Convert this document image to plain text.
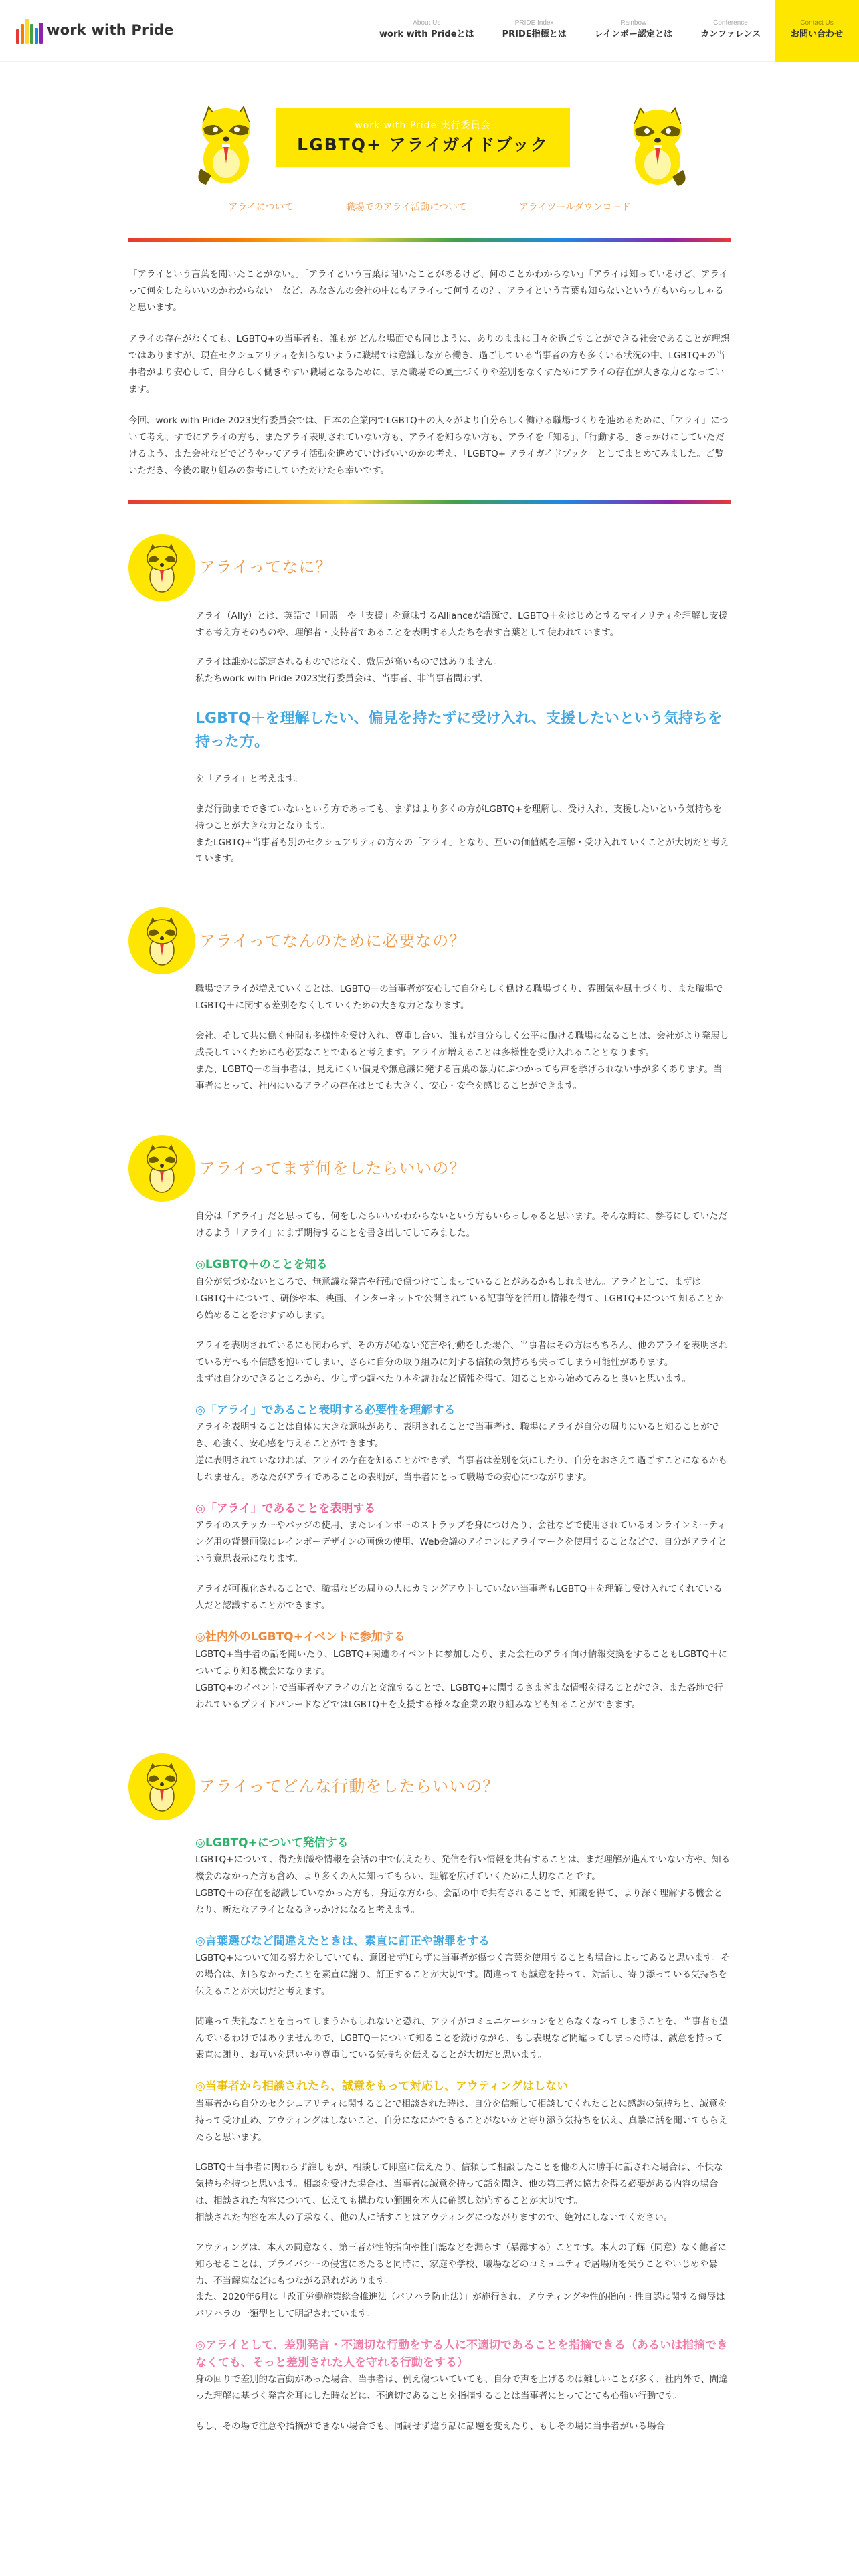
work with Pride	About Us
work with Prideとは
PRIDE Index
PRIDE指標とは
Rainbow
レインボー認定とは
Conference
カンファレンス
Contact Us
お問い合わせ
work with Pride 実行委員会
LGBTQ+ アライガイドブック
アライについて	職場でのアライ活動について	アライツールダウンロード

「アライという言葉を聞いたことがない。」「アライという言葉は聞いたことがあるけど、何のことかわからない」「アライは知っているけど、アライって何をしたらいいのかわからない」など、みなさんの会社の中にもアライって何するの？、アライという言葉も知らないという方もいらっしゃると思います。

アライの存在がなくても、LGBTQ+の当事者も、誰もが どんな場面でも同じように、ありのままに日々を過ごすことができる社会であることが理想ではありますが、現在セクシュアリティを知らないように職場では意識しながら働き、過ごしている当事者の方も多くいる状況の中、LGBTQ+の当事者がより安心して、自分らしく働きやすい職場となるために、また職場での風土づくりや差別をなくすためにアライの存在が大きな力となっています。

今回、work with Pride 2023実行委員会では、日本の企業内でLGBTQ＋の人々がより自分らしく働ける職場づくりを進めるために、「アライ」について考え、すでにアライの方も、またアライ表明されていない方も、アライを知らない方も、アライを「知る」、「行動する」きっかけにしていただけるよう、また会社などでどうやってアライ活動を進めていけばいいのかの考え、「LGBTQ+ アライガイドブック」としてまとめてみました。ご覧いただき、今後の取り組みの参考にしていただけたら幸いです。

アライってなに？

アライ（Ally）とは、英語で「同盟」や「支援」を意味するAllianceが語源で、LGBTQ＋をはじめとするマイノリティを理解し支援する考え方そのものや、理解者・支持者であることを表明する人たちを表す言葉として使われています。

アライは誰かに認定されるものではなく、敷居が高いものではありません。

私たちwork with Pride 2023実行委員会は、当事者、非当事者問わず、

LGBTQ＋を理解したい、偏見を持たずに受け入れ、支援したいという気持ちを持った方。

を「アライ」と考えます。

まだ行動までできていないという方であっても、まずはより多くの方がLGBTQ+を理解し、受け入れ、支援したいという気持ちを持つことが大きな力となります。

またLGBTQ+当事者も別のセクシュアリティの方々の「アライ」となり、互いの価値観を理解・受け入れていくことが大切だと考えています。

アライってなんのために必要なの？

職場でアライが増えていくことは、LGBTQ＋の当事者が安心して自分らしく働ける職場づくり、雰囲気や風土づくり、また職場でLGBTQ＋に関する差別をなくしていくための大きな力となります。

会社、そして共に働く仲間も多様性を受け入れ、尊重し合い、誰もが自分らしく公平に働ける職場になることは、会社がより発展し成長していくためにも必要なことであると考えます。アライが増えることは多様性を受け入れることとなります。

また、LGBTQ＋の当事者は、見えにくい偏見や無意識に発する言葉の暴力にぶつかっても声を挙げられない事が多くあります。当事者にとって、社内にいるアライの存在はとても大きく、安心・安全を感じることができます。

アライってまず何をしたらいいの？

自分は「アライ」だと思っても、何をしたらいいかわからないという方もいらっしゃると思います。そんな時に、参考にしていただけるよう「アライ」にまず期待することを書き出してしてみました。

◎LGBTQ＋のことを知る

自分が気づかないところで、無意識な発言や行動で傷つけてしまっていることがあるかもしれません。アライとして、まずはLGBTQ＋について、研修や本、映画、インターネットで公開されている記事等を活用し情報を得て、LGBTQ+について知ることから始めることをおすすめします。

アライを表明されているにも関わらず、その方が心ない発言や行動をした場合、当事者はその方はもちろん、他のアライを表明されている方へも不信感を抱いてしまい、さらに自分の取り組みに対する信頼の気持ちも失ってしまう可能性があります。

まずは自分のできるところから、少しずつ調べたり本を読むなど情報を得て、知ることから始めてみると良いと思います。

◎「アライ」であること表明する必要性を理解する

アライを表明することは自体に大きな意味があり、表明されることで当事者は、職場にアライが自分の周りにいると知ることができ、心強く、安心感を与えることができます。

逆に表明されていなければ、アライの存在を知ることができず、当事者は差別を気にしたり、自分をおさえて過ごすことになるかもしれません。あなたがアライであることの表明が、当事者にとって職場での安心につながります。

◎「アライ」であることを表明する

アライのステッカーやバッジの使用、またレインボーのストラップを身につけたり、会社などで使用されているオンラインミーティング用の背景画像にレインボーデザインの画像の使用、Web会議のアイコンにアライマークを使用することなどで、自分がアライという意思表示になります。

アライが可視化されることで、職場などの周りの人にカミングアウトしていない当事者もLGBTQ＋を理解し受け入れてくれている人だと認識することができます。

◎社内外のLGBTQ+イベントに参加する

LGBTQ+当事者の話を聞いたり、LGBTQ+関連のイベントに参加したり、また会社のアライ向け情報交換をすることもLGBTQ＋についてより知る機会になります。

LGBTQ+のイベントで当事者やアライの方と交流することで、LGBTQ+に関するさまざまな情報を得ることができ、また各地で行われているプライドパレードなどではLGBTQ＋を支援する様々な企業の取り組みなども知ることができます。

アライってどんな行動をしたらいいの？
◎LGBTQ+について発信する

LGBTQ+について、得た知識や情報を会話の中で伝えたり、発信を行い情報を共有することは、まだ理解が進んでいない方や、知る機会のなかった方も含め、より多くの人に知ってもらい、理解を広げていくために大切なことです。

LGBTQ＋の存在を認識していなかった方も、身近な方から、会話の中で共有されることで、知識を得て、より深く理解する機会となり、新たなアライとなるきっかけになると考えます。

◎言葉選びなど間違えたときは、素直に訂正や謝罪をする

LGBTQ+について知る努力をしていても、意図せず知らずに当事者が傷つく言葉を使用することも場合によってあると思います。その場合は、知らなかったことを素直に謝り、訂正することが大切です。間違っても誠意を持って、対話し、寄り添っている気持ちを伝えることが大切だと考えます。

間違って失礼なことを言ってしまうかもしれないと恐れ、アライがコミュニケーションをとらなくなってしまうことを、当事者も望んでいるわけではありませんので、LGBTQ＋について知ることを続けながら、もし表現など間違ってしまった時は、誠意を持って素直に謝り、お互いを思いやり尊重している気持ちを伝えることが大切だと思います。

◎当事者から相談されたら、誠意をもって対応し、アウティングはしない

当事者から自分のセクシュアリティに関することで相談された時は、自分を信頼して相談してくれたことに感謝の気持ちと、誠意を持って受け止め、アウティングはしないこと、自分になにかできることがないかと寄り添う気持ちを伝え、真摯に話を聞いてもらえたらと思います。

LGBTQ＋当事者に関わらず誰しもが、相談して即座に伝えたり、信頼して相談したことを他の人に勝手に話された場合は、不快な気持ちを持つと思います。相談を受けた場合は、当事者に誠意を持って話を聞き、他の第三者に協力を得る必要がある内容の場合は、相談された内容について、伝えても構わない範囲を本人に確認し対応することが大切です。

相談された内容を本人の了承なく、他の人に話すことはアウティングにつながりますので、絶対にしないでください。

アウティングは、本人の同意なく、第三者が性的指向や性自認などを漏らす（暴露する）ことです。本人の了解（同意）なく他者に知らせることは、プライバシーの侵害にあたると同時に、家庭や学校、職場などのコミュニティで居場所を失うことやいじめや暴力、不当解雇などにもつながる恐れがあります。

また、2020年6月に「改正労働施策総合推進法（パワハラ防止法）」が施行され、アウティングや性的指向・性自認に関する侮辱はパワハラの一類型として明記されています。

◎アライとして、差別発言・不適切な行動をする人に不適切であることを指摘できる（あるいは指摘できなくても、そっと差別された人を守れる行動をする）

身の回りで差別的な言動があった場合、当事者は、例え傷ついていても、自分で声を上げるのは難しいことが多く、社内外で、間違った理解に基づく発言を耳にした時などに、不適切であることを指摘することは当事者にとってとても心強い行動です。

もし、その場で注意や指摘ができない場合でも、同調せず違う話に話題を変えたり、もしその場に当事者がいる場合
